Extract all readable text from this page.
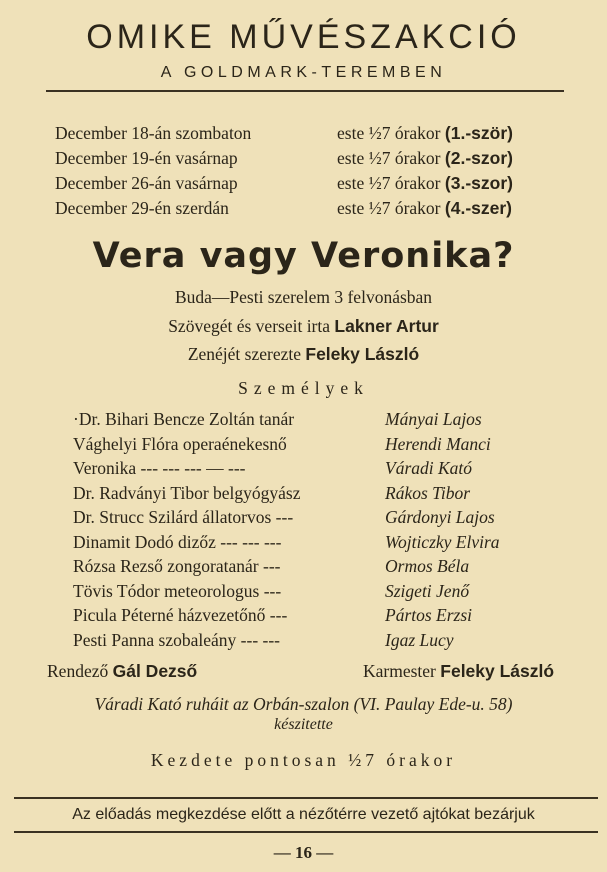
OMIKE MŰVÉSZAKCIÓ
A GOLDMARK-TEREMBEN
December 18-án szombaton	este ½7 órakor (1.-ször)
December 19-én vasárnap	este ½7 órakor (2.-szor)
December 26-án vasárnap	este ½7 órakor (3.-szor)
December 29-én szerdán	este ½7 órakor (4.-szer)
Vera vagy Veronika?
Buda—Pesti szerelem 3 felvonásban
Szövegét és verseit irta Lakner Artur
Zenéjét szerezte Feleky László
Személyek
·Dr. Bihari Bencze Zoltán tanár	Mányai Lajos
Vághelyi Flóra operaénekesnő	Herendi Manci
Veronika --- --- --- — ---	Váradi Kató
Dr. Radványi Tibor belgyógyász	Rákos Tibor
Dr. Strucc Szilárd állatorvos ---	Gárdonyi Lajos
Dinamit Dodó dizőz --- --- ---	Wojticzky Elvira
Rózsa Rezső zongoratanár ---	Ormos Béla
Tövis Tódor meteorologus ---	Szigeti Jenő
Picula Péterné házvezetőnő ---	Pártos Erzsi
Pesti Panna szobaleány --- ---	Igaz Lucy
Rendező Gál Dezső	Karmester Feleky László
Váradi Kató ruháit az Orbán-szalon (VI. Paulay Ede-u. 58)
készitette
Kezdete pontosan ½7 órakor
Az előadás megkezdése előtt a nézőtérre vezető ajtókat bezárjuk
— 16 —
